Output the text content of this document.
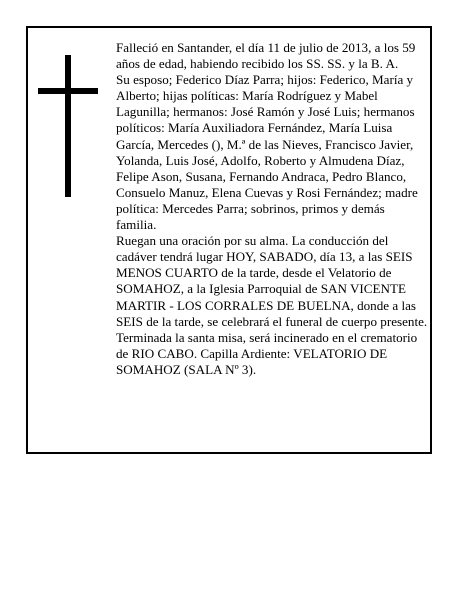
Falleció en Santander, el día 11 de julio de 2013, a los 59 años de edad, habiendo recibido los SS. SS. y la B. A.

Su esposo; Federico Díaz Parra; hijos: Federico, María y Alberto; hijas políticas: María Rodríguez y Mabel Lagunilla; hermanos: José Ramón y José Luis; hermanos políticos: María Auxiliadora Fernández, María Luisa García, Mercedes (), M.ª de las Nieves, Francisco Javier, Yolanda, Luis José, Adolfo, Roberto y Almudena Díaz, Felipe Ason, Susana, Fernando Andraca, Pedro Blanco, Consuelo Manuz, Elena Cuevas y Rosi Fernández; madre política: Mercedes Parra; sobrinos, primos y demás familia.

Ruegan una oración por su alma. La conducción del cadáver tendrá lugar HOY, SABADO, día 13, a las SEIS MENOS CUARTO de la tarde, desde el Velatorio de SOMAHOZ, a la Iglesia Parroquial de SAN VICENTE MARTIR - LOS CORRALES DE BUELNA, donde a las SEIS de la tarde, se celebrará el funeral de cuerpo presente. Terminada la santa misa, será incinerado en el crematorio de RIO CABO. Capilla Ardiente: VELATORIO DE SOMAHOZ (SALA Nº 3).
